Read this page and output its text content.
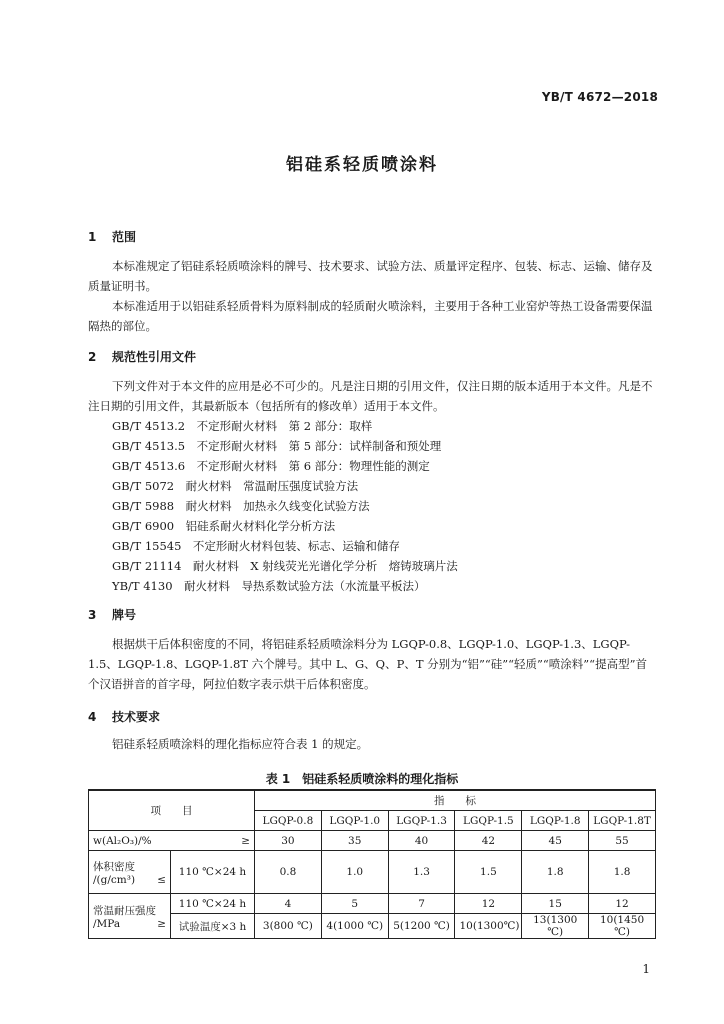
YB/T 4672—2018
铝硅系轻质喷涂料
1 范围
本标准规定了铝硅系轻质喷涂料的牌号、技术要求、试验方法、质量评定程序、包装、标志、运输、储存及质量证明书。
本标准适用于以铝硅系轻质骨料为原料制成的轻质耐火喷涂料，主要用于各种工业窑炉等热工设备需要保温隔热的部位。
2 规范性引用文件
下列文件对于本文件的应用是必不可少的。凡是注日期的引用文件，仅注日期的版本适用于本文件。凡是不注日期的引用文件，其最新版本（包括所有的修改单）适用于本文件。
GB/T 4513.2　不定形耐火材料　第 2 部分：取样
GB/T 4513.5　不定形耐火材料　第 5 部分：试样制备和预处理
GB/T 4513.6　不定形耐火材料　第 6 部分：物理性能的测定
GB/T 5072　耐火材料　常温耐压强度试验方法
GB/T 5988　耐火材料　加热永久线变化试验方法
GB/T 6900　铝硅系耐火材料化学分析方法
GB/T 15545　不定形耐火材料包装、标志、运输和储存
GB/T 21114　耐火材料　X 射线荧光光谱化学分析　熔铸玻璃片法
YB/T 4130　耐火材料　导热系数试验方法（水流量平板法）
3 牌号
根据烘干后体积密度的不同，将铝硅系轻质喷涂料分为 LGQP-0.8、LGQP-1.0、LGQP-1.3、LGQP-1.5、LGQP-1.8、LGQP-1.8T 六个牌号。其中 L、G、Q、P、T 分别为“铝”“硅”“轻质”“喷涂料”“提高型”首个汉语拼音的首字母，阿拉伯数字表示烘干后体积密度。
4 技术要求
铝硅系轻质喷涂料的理化指标应符合表 1 的规定。
表 1　铝硅系轻质喷涂料的理化指标
项　　目		指　　标					
		LGQP-0.8	LGQP-1.0	LGQP-1.3	LGQP-1.5	LGQP-1.8	LGQP-1.8T

w(Al₂O₃)/% ≥		30	35	40	42	45	55

体积密度
/(g/cm³) ≤	110 ℃×24 h	0.8	1.0	1.3	1.5	1.8	1.8

常温耐压强度
/MPa ≥	110 ℃×24 h	4	5	7	12	15	12
	试验温度×3 h	3(800 ℃)	4(1000 ℃)	5(1200 ℃)	10(1300℃)	13(1300 ℃)	10(1450 ℃)
1
